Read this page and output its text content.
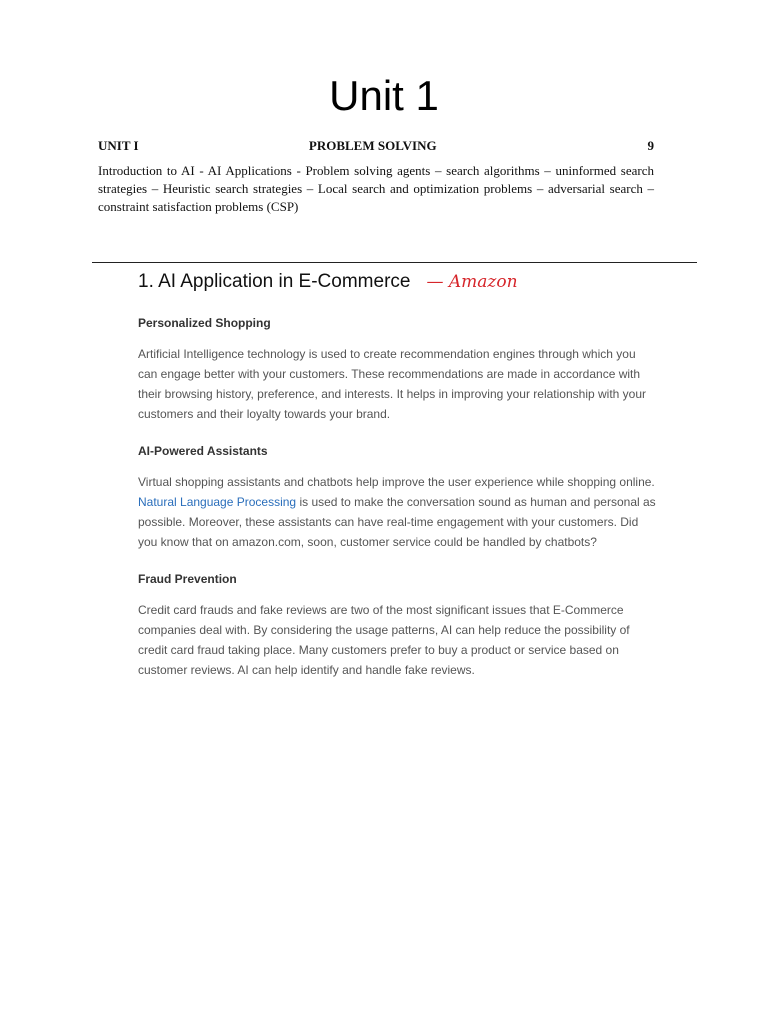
Unit 1
UNIT I	PROBLEM SOLVING	9
Introduction to AI - AI Applications - Problem solving agents – search algorithms – uninformed search strategies – Heuristic search strategies – Local search and optimization problems – adversarial search – constraint satisfaction problems (CSP)
1. AI Application in E-Commerce — Amazon
Personalized Shopping
Artificial Intelligence technology is used to create recommendation engines through which you can engage better with your customers. These recommendations are made in accordance with their browsing history, preference, and interests. It helps in improving your relationship with your customers and their loyalty towards your brand.
AI-Powered Assistants
Virtual shopping assistants and chatbots help improve the user experience while shopping online. Natural Language Processing is used to make the conversation sound as human and personal as possible. Moreover, these assistants can have real-time engagement with your customers. Did you know that on amazon.com, soon, customer service could be handled by chatbots?
Fraud Prevention
Credit card frauds and fake reviews are two of the most significant issues that E-Commerce companies deal with. By considering the usage patterns, AI can help reduce the possibility of credit card fraud taking place. Many customers prefer to buy a product or service based on customer reviews. AI can help identify and handle fake reviews.
